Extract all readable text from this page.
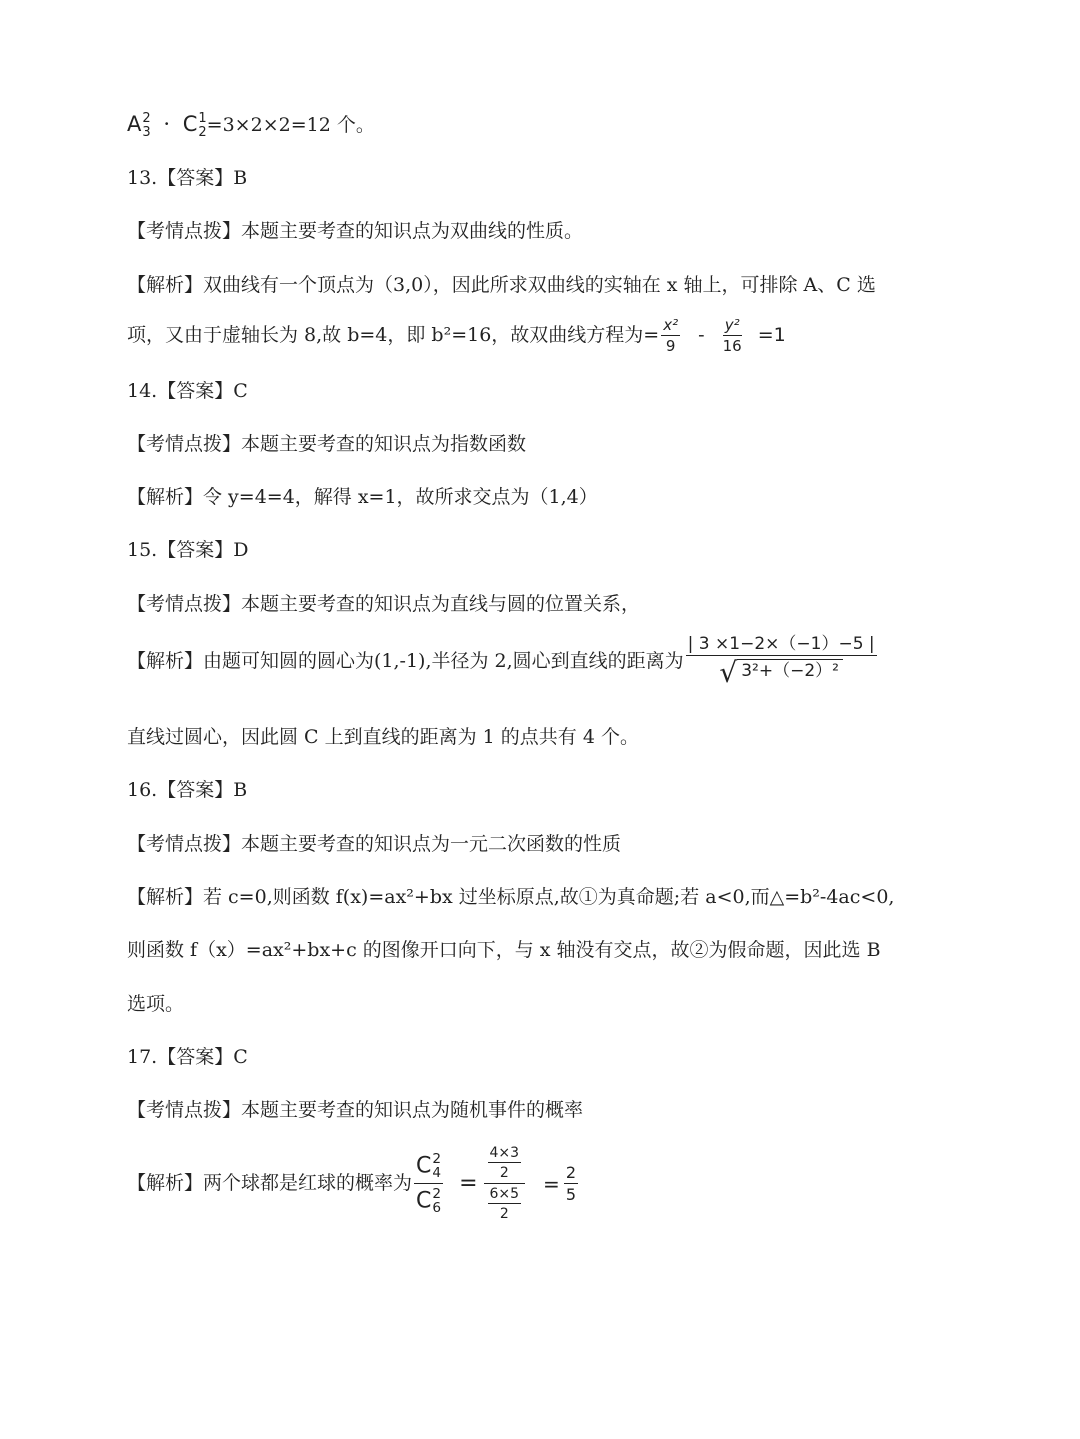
A 2
3 · C 1
2 =3×2×2=12 个。
13.【答案】B
【考情点拨】本题主要考查的知识点为双曲线的性质。
【解析】双曲线有一个顶点为（3,0），因此所求双曲线的实轴在 x 轴上，可排除 A、C 选
项，又由于虚轴长为 8,故 b=4，即 b²=16，故双曲线方程为= $\frac{\text{x²}}{9} - \frac{\text{y²}}{16} =1$
14.【答案】C
【考情点拨】本题主要考查的知识点为指数函数
【解析】令 y=4=4，解得 x=1，故所求交点为（1,4）
15.【答案】D
【考情点拨】本题主要考查的知识点为直线与圆的位置关系，
【解析】由题可知圆的圆心为(1,-1),半径为 2,圆心到直线的距离为 $\frac{| 3 \times 1-2\times(-1)-5 |}{\text{√ 3²+（−2）²}}$
直线过圆心，因此圆 C 上到直线的距离为 1 的点共有 4 个。
16.【答案】B
【考情点拨】本题主要考查的知识点为一元二次函数的性质
【解析】若 c=0,则函数 f(x)=ax²+bx 过坐标原点,故①为真命题;若 a<0,而△=b²-4ac<0,
则函数 f（x）=ax²+bx+c 的图像开口向下，与 x 轴没有交点，故②为假命题，因此选 B
选项。
17.【答案】C
【考情点拨】本题主要考查的知识点为随机事件的概率
【解析】两个球都是红球的概率为 C 2
4
C 2
$6 = \frac{\frac{4\times 3}{2}}{\frac{6\times 5}{2}} = \frac{2}{5}$
